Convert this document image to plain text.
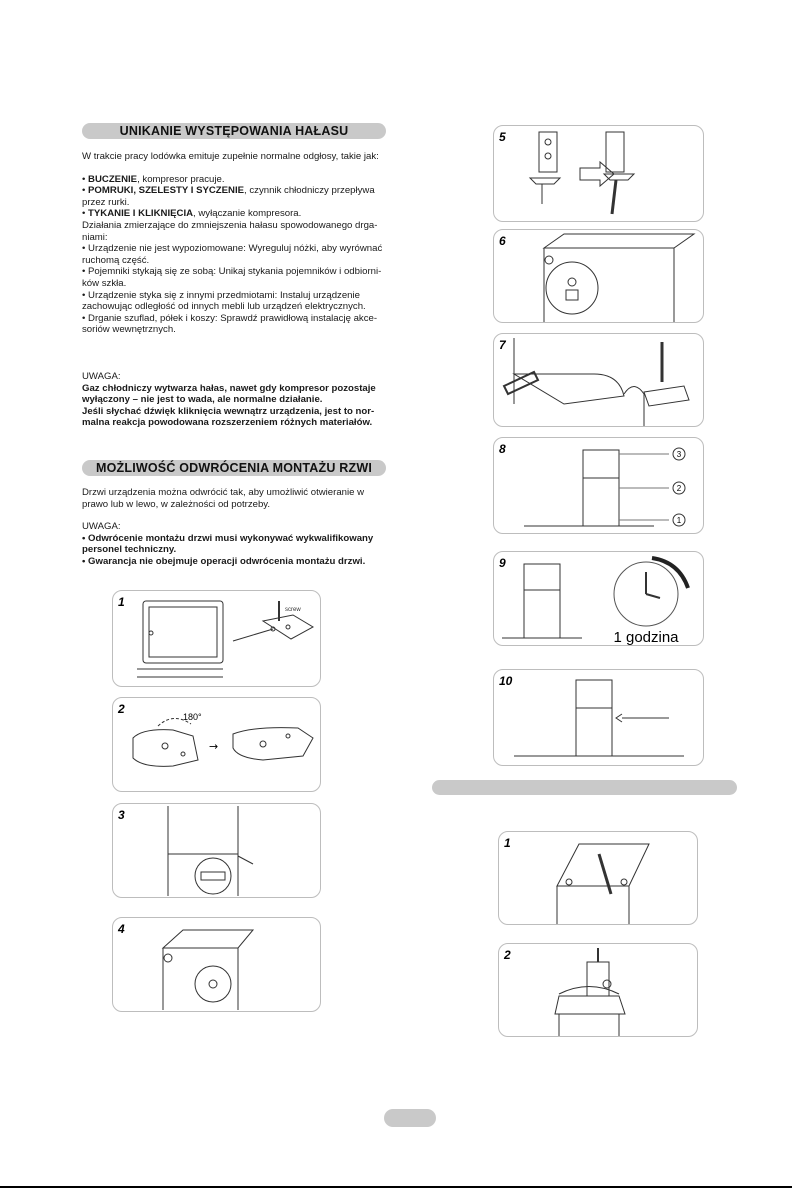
UNIKANIE WYSTĘPOWANIA HAŁASU

W trakcie pracy lodówka emituje zupełnie normalne odgłosy, takie jak:

• BUCZENIE, kompresor pracuje.

• POMRUKI, SZELESTY I SYCZENIE, czynnik chłodniczy przepływa przez rurki.

• TYKANIE I KLIKNIĘCIA, wyłączanie kompresora.

Działania zmierzające do zmniejszenia hałasu spowodowanego drga- niami:

• Urządzenie nie jest wypoziomowane: Wyreguluj nóżki, aby wyrównać ruchomą część.

• Pojemniki stykają się ze sobą: Unikaj stykania pojemników i odbiorni- ków szkła.

• Urządzenie styka się z innymi przedmiotami: Instaluj urządzenie zachowując odległość od innych mebli lub urządzeń elektrycznych.

• Drganie szuflad, półek i koszy: Sprawdź prawidłową instalację akce- soriów wewnętrznych.

UWAGA:

Gaz chłodniczy wytwarza hałas, nawet gdy kompresor pozostaje wyłączony – nie jest to wada, ale normalne działanie.

Jeśli słychać dźwięk kliknięcia wewnątrz urządzenia, jest to nor- malna reakcja powodowana rozszerzeniem różnych materiałów.

MOŻLIWOŚĆ ODWRÓCENIA MONTAŻU RZWI

Drzwi urządzenia można odwrócić tak, aby umożliwić otwieranie w prawo lub w lewo, w zależności od potrzeby.

UWAGA:

• Odwrócenie montażu drzwi musi wykonywać wykwalifikowany personel techniczny.

• Gwarancja nie obejmuje operacji odwrócenia montażu drzwi.

1
screw
2
180°
→
3
4
5
6
7
8	3
2
1
9
1 godzina
10
1
2
